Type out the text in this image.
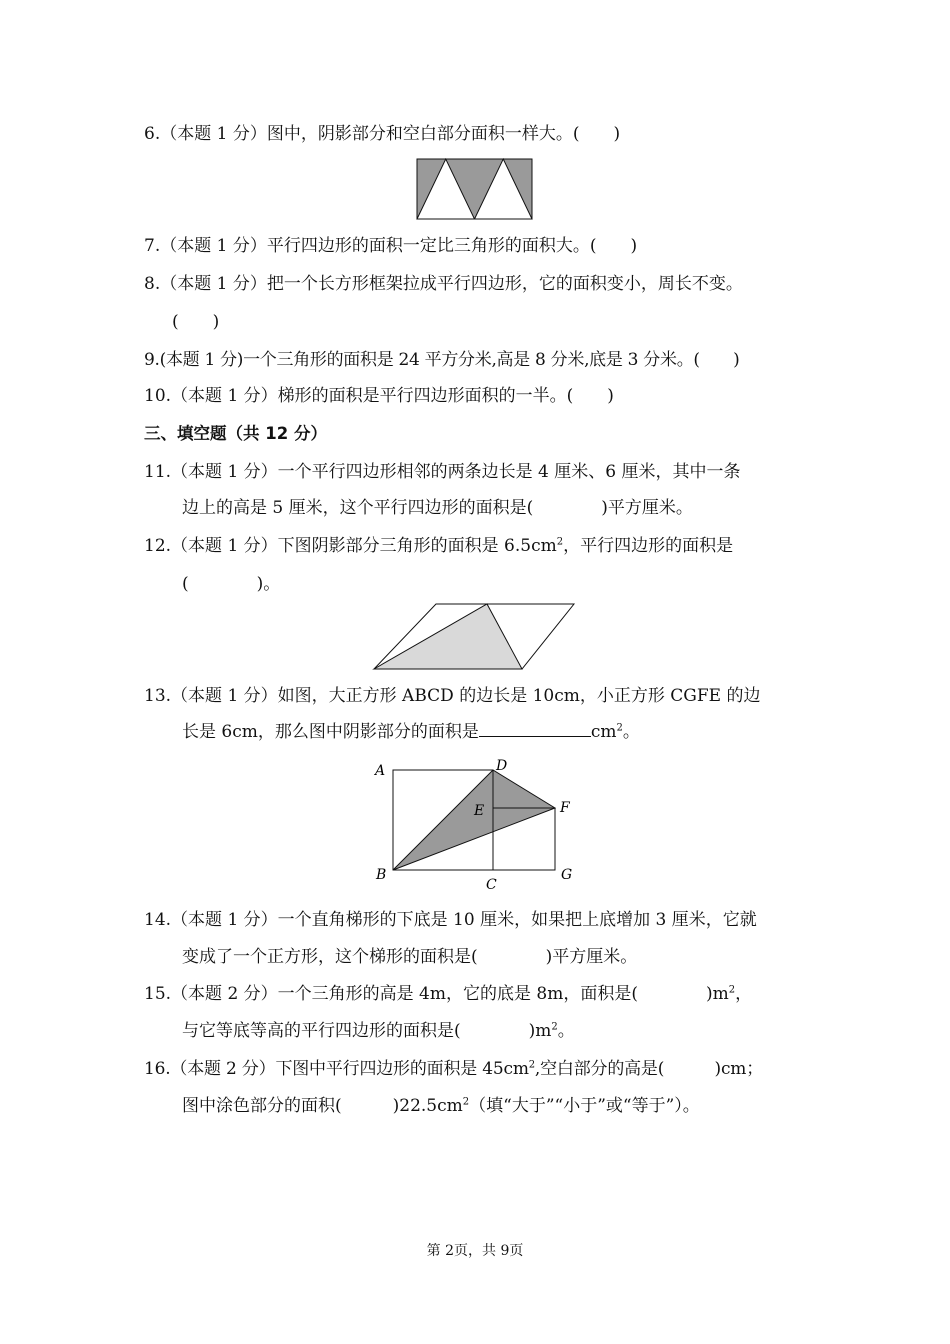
6.（本题 1 分）图中，阴影部分和空白部分面积一样大。(　　)
7.（本题 1 分）平行四边形的面积一定比三角形的面积大。(　　)
8.（本题 1 分）把一个长方形框架拉成平行四边形，它的面积变小，周长不变。
(　　)
9.(本题 1 分)一个三角形的面积是 24 平方分米,高是 8 分米,底是 3 分米。(　　)
10.（本题 1 分）梯形的面积是平行四边形面积的一半。(　　)
三、填空题（共 12 分）
11.（本题 1 分）一个平行四边形相邻的两条边长是 4 厘米、6 厘米，其中一条
边上的高是 5 厘米，这个平行四边形的面积是(　　　　)平方厘米。
12.（本题 1 分）下图阴影部分三角形的面积是 $6.5cm^2$，平行四边形的面积是
(　　　　)。
13.（本题 1 分）如图，大正方形 ABCD 的边长是 10cm，小正方形 CGFE 的边
长是 6cm，那么图中阴影部分的面积是	$cm^2$。
A	D
E	F
B
C
G
14.（本题 1 分）一个直角梯形的下底是 10 厘米，如果把上底增加 3 厘米，它就
变成了一个正方形，这个梯形的面积是(　　　　)平方厘米。
15.（本题 2 分）一个三角形的高是 4m，它的底是 8m，面积是(　　　　)$m^2$，
与它等底等高的平行四边形的面积是(　　　　)$m^2$。
16.（本题 2 分）下图中平行四边形的面积是 $45cm^2$,空白部分的高是(　　　)cm；
图中涂色部分的面积(　　　)$22.5cm^2$（填“大于”“小于”或“等于”）。
第 2页，共 9页
